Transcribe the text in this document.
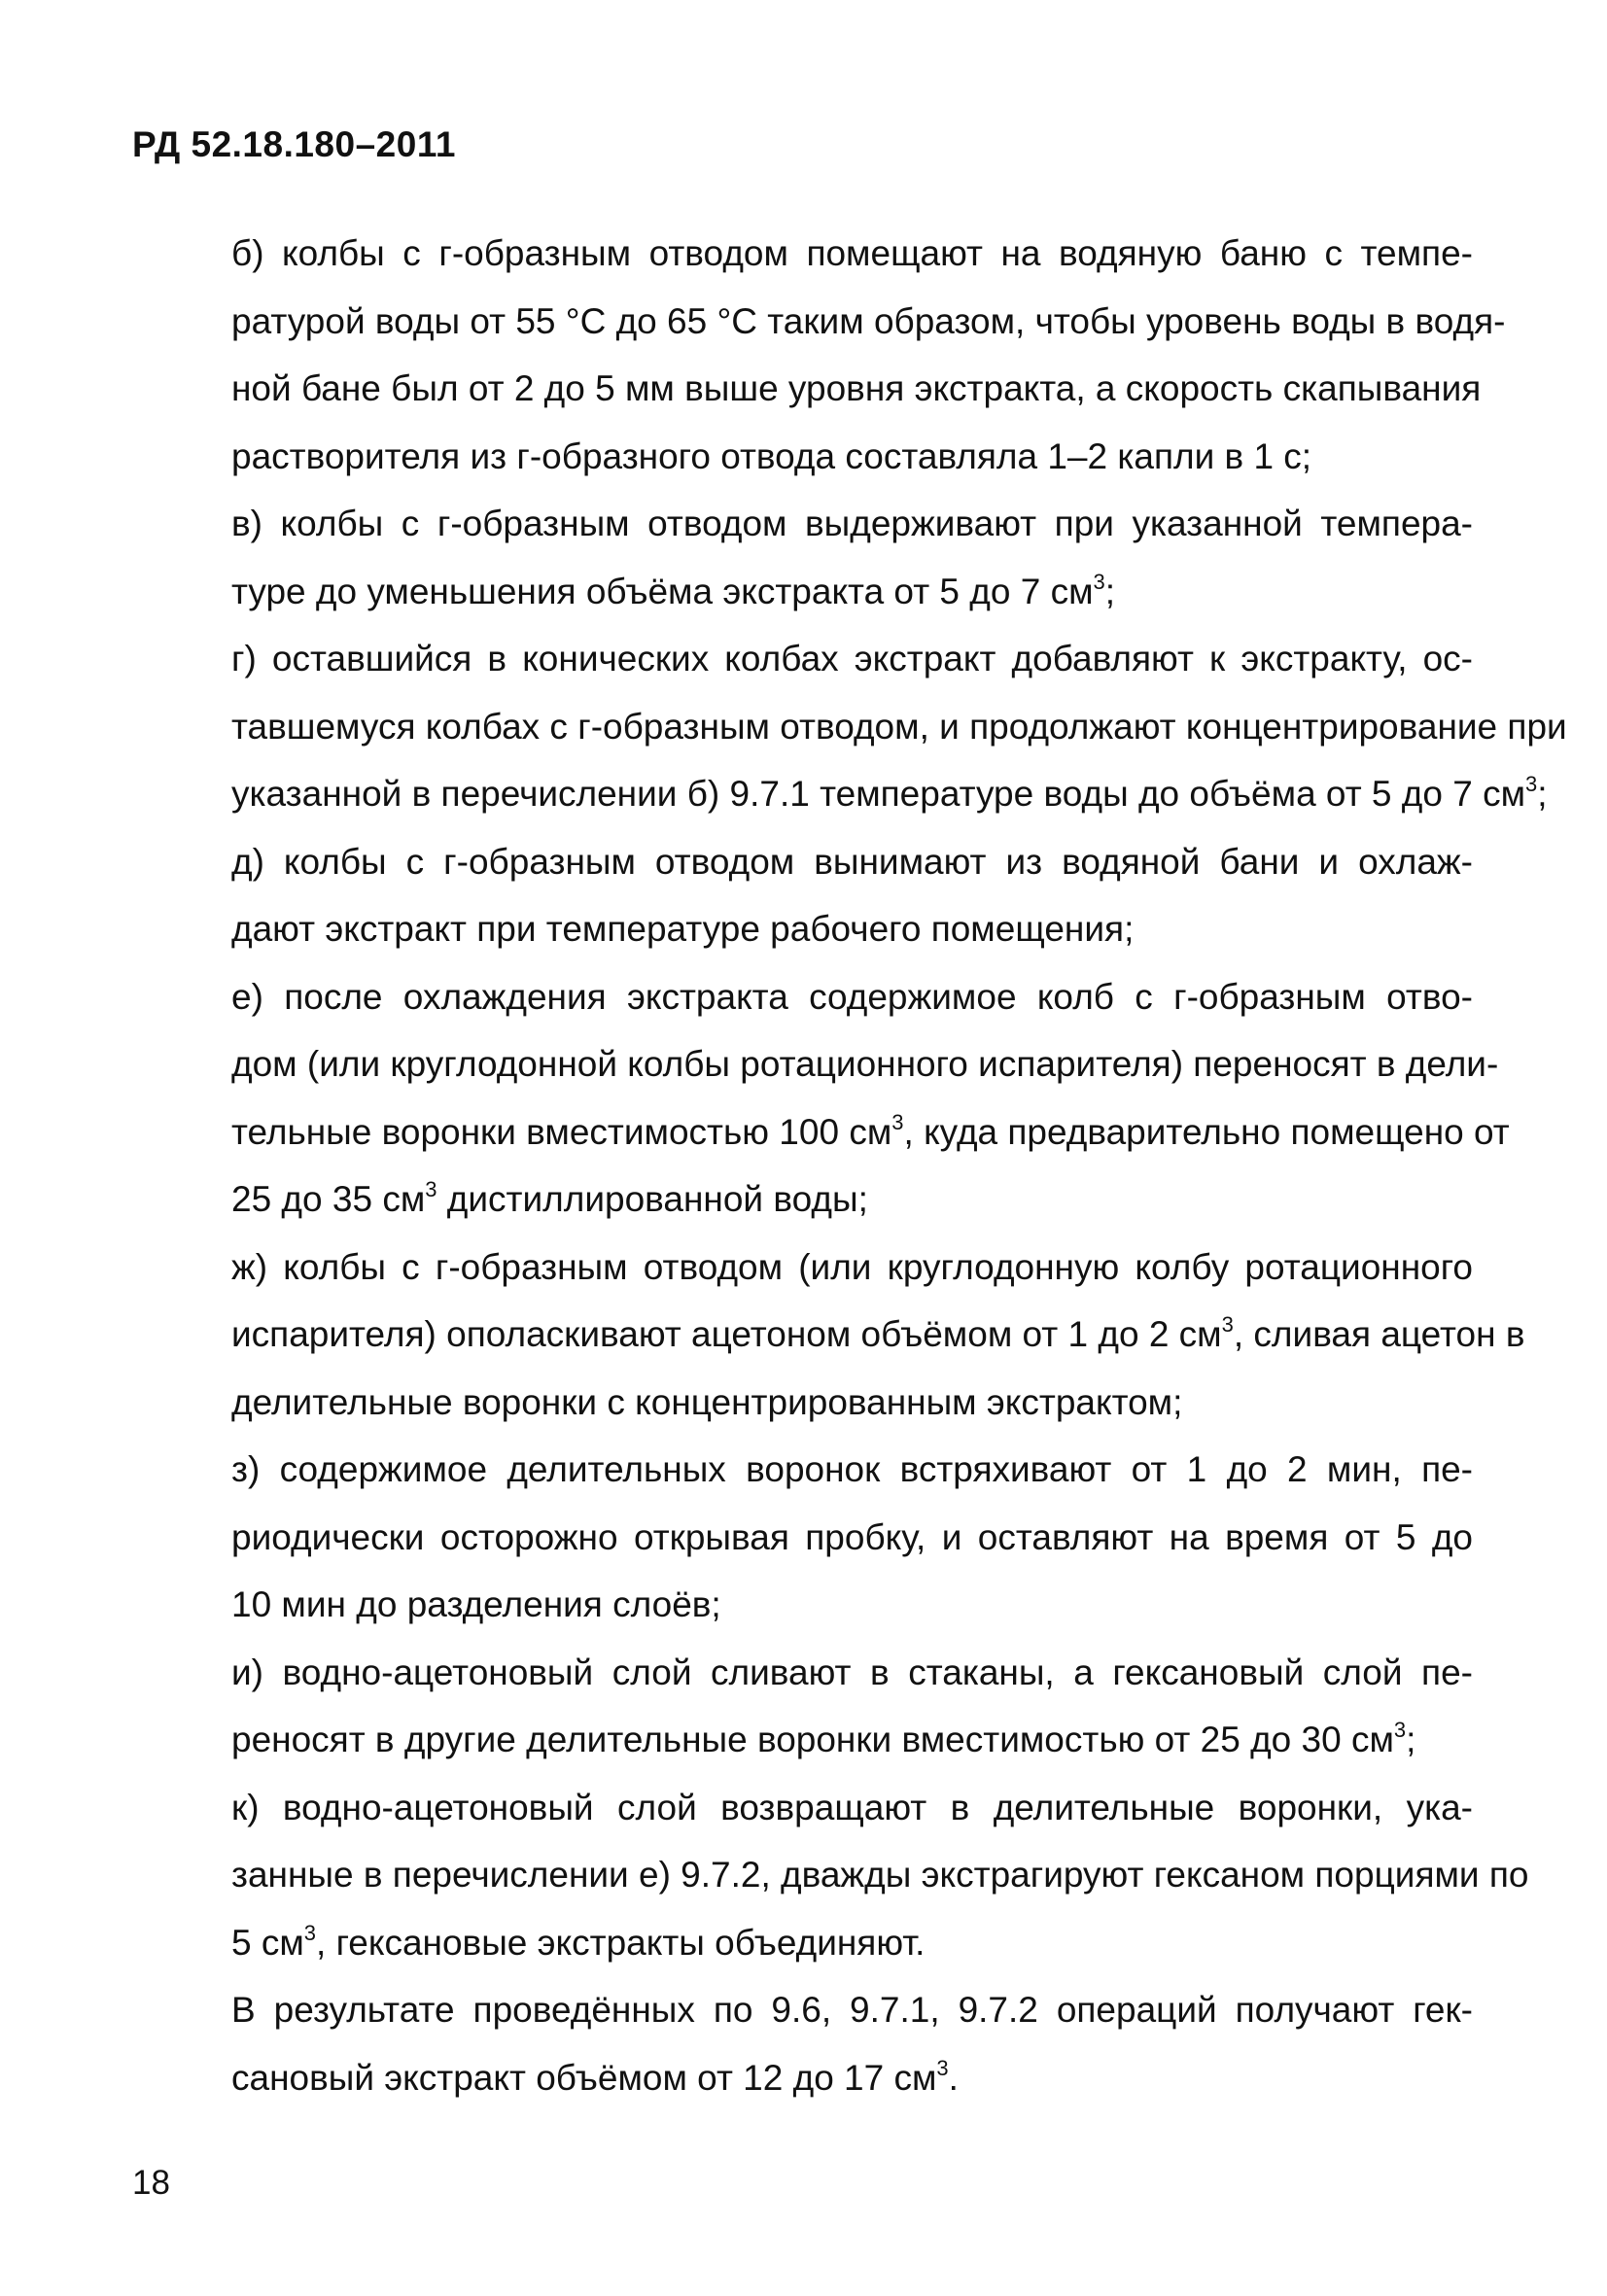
РД 52.18.180–2011
б) колбы с г-образным отводом помещают на водяную баню с темпе-
ратурой воды от 55 °С до 65 °С таким образом, чтобы уровень воды в водя-
ной бане был от 2 до 5 мм выше уровня экстракта, а скорость скапывания
растворителя из г-образного отвода составляла 1–2 капли в 1 с;
в) колбы с г-образным отводом выдерживают при указанной темпера-
туре до уменьшения объёма экстракта от 5 до 7 $см^3$;
г) оставшийся в конических колбах экстракт добавляют к экстракту, ос-
тавшемуся колбах с г-образным отводом, и продолжают концентрирование при
указанной в перечислении б) 9.7.1 температуре воды до объёма от 5 до 7 $см^3$;
д) колбы с г-образным отводом вынимают из водяной бани и охлаж-
дают экстракт при температуре рабочего помещения;
е) после охлаждения экстракта содержимое колб с г-образным отво-
дом (или круглодонной колбы ротационного испарителя) переносят в дели-
тельные воронки вместимостью 100 $см^3$, куда предварительно помещено от
25 до 35 $см^3$ дистиллированной воды;
ж) колбы с г-образным отводом (или круглодонную колбу ротационного
испарителя) ополаскивают ацетоном объёмом от 1 до 2 $см^3$, сливая ацетон в
делительные воронки с концентрированным экстрактом;
з) содержимое делительных воронок встряхивают от 1 до 2 мин, пе-
риодически осторожно открывая пробку, и оставляют на время от 5 до
10 мин до разделения слоёв;
и) водно-ацетоновый слой сливают в стаканы, а гексановый слой пе-
реносят в другие делительные воронки вместимостью от 25 до 30 $см^3$;
к) водно-ацетоновый слой возвращают в делительные воронки, ука-
занные в перечислении е) 9.7.2, дважды экстрагируют гексаном порциями по
5 $см^3$, гексановые экстракты объединяют.
В результате проведённых по 9.6, 9.7.1, 9.7.2 операций получают гек-
сановый экстракт объёмом от 12 до 17 $см^3$.
18
